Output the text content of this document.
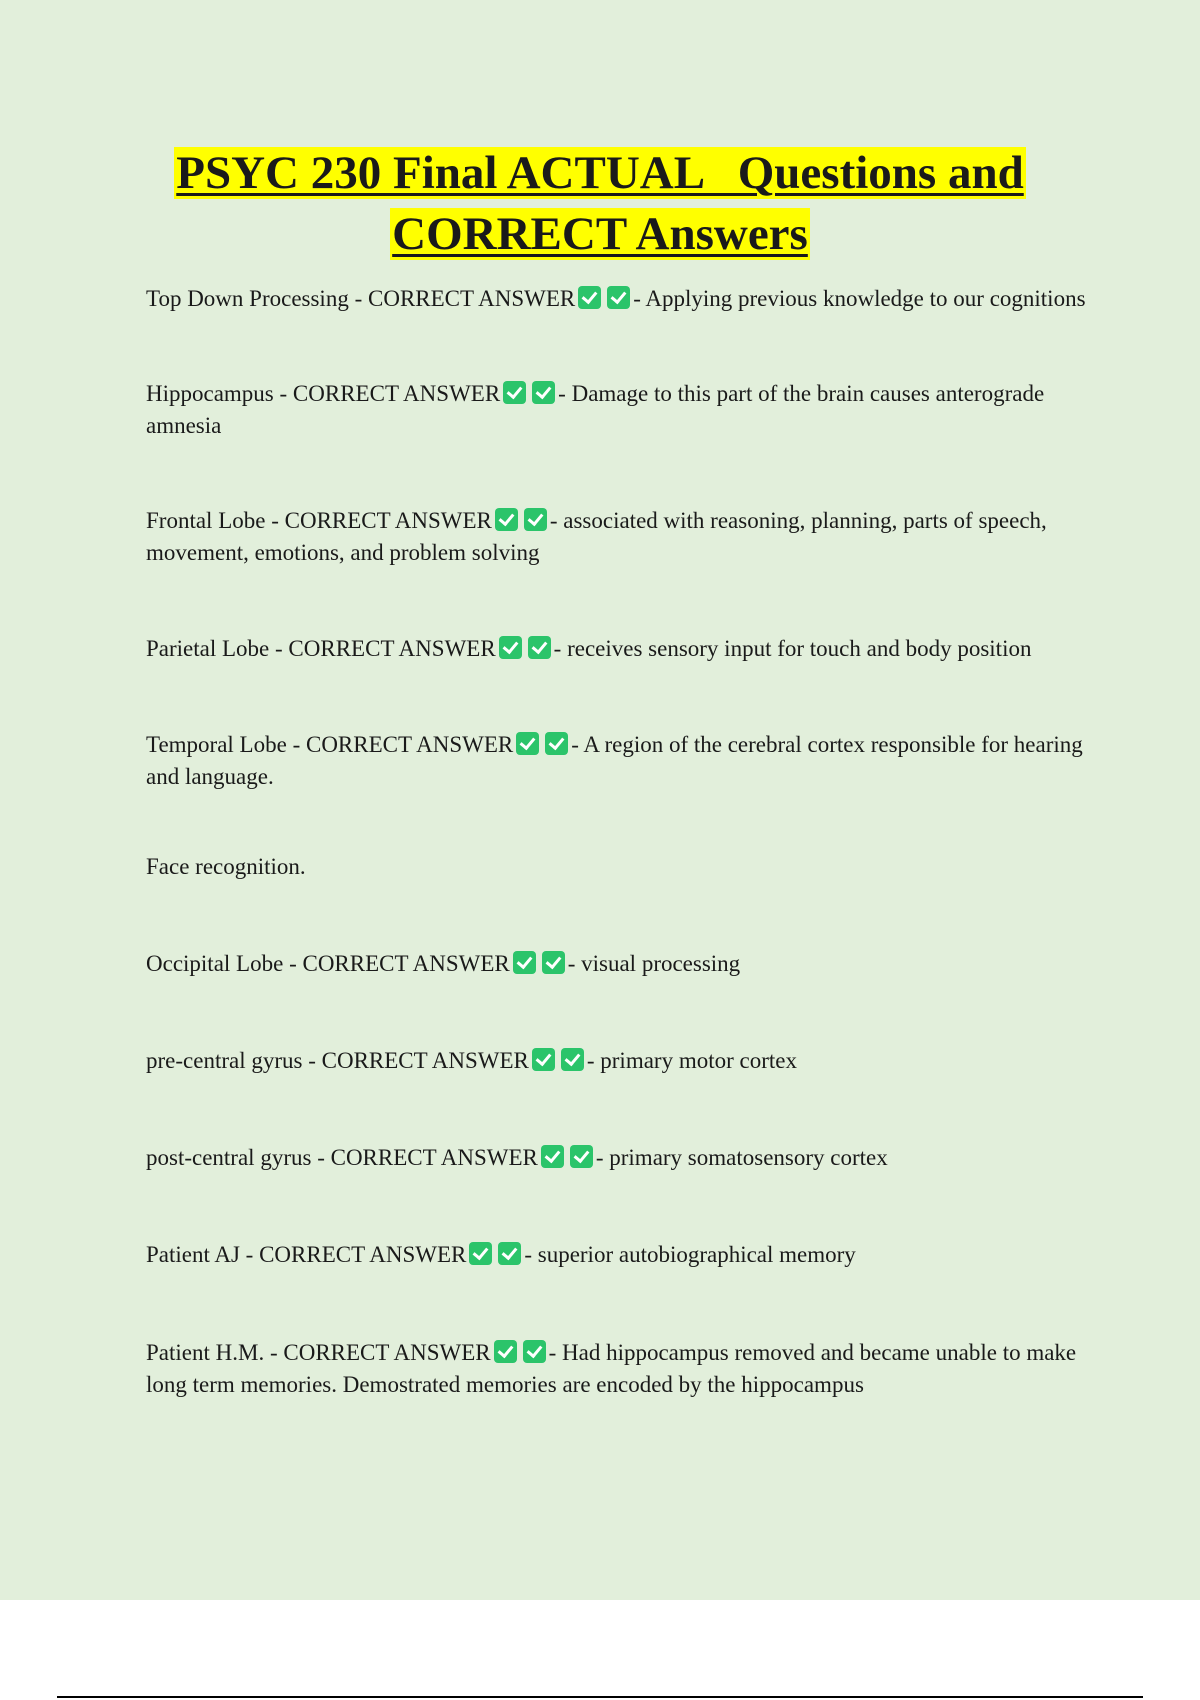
PSYC 230 Final ACTUAL   Questions and
CORRECT Answers

Top Down Processing - CORRECT ANSWER	- Applying previous knowledge to our cognitions

Hippocampus - CORRECT ANSWER	- Damage to this part of the brain causes anterograde amnesia

Frontal Lobe - CORRECT ANSWER	- associated with reasoning, planning, parts of speech, movement, emotions, and problem solving

Parietal Lobe - CORRECT ANSWER	- receives sensory input for touch and body position

Temporal Lobe - CORRECT ANSWER	- A region of the cerebral cortex responsible for hearing and language.

Face recognition.

Occipital Lobe - CORRECT ANSWER	- visual processing

pre-central gyrus - CORRECT ANSWER	- primary motor cortex

post-central gyrus - CORRECT ANSWER	- primary somatosensory cortex

Patient AJ - CORRECT ANSWER	- superior autobiographical memory

Patient H.M. - CORRECT ANSWER	- Had hippocampus removed and became unable to make long term memories. Demostrated memories are encoded by the hippocampus
